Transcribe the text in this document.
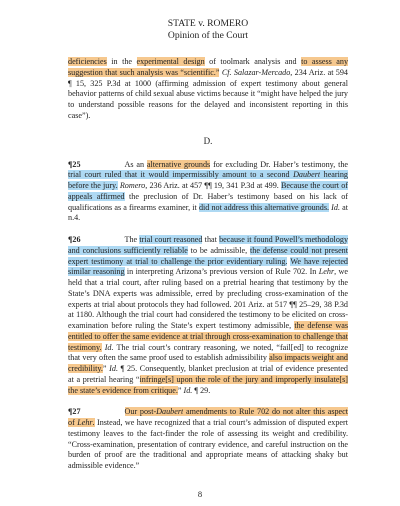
STATE v. ROMERO
Opinion of the Court

deficiencies in the experimental design of toolmark analysis and to assess any suggestion that such analysis was “scientific.” Cf. Salazar-Mercado, 234 Ariz. at 594 ¶ 15, 325 P.3d at 1000 (affirming admission of expert testimony about general behavior patterns of child sexual abuse victims because it “might have helped the jury to understand possible reasons for the delayed and inconsistent reporting in this case”).

D.

¶25	As an alternative grounds for excluding Dr. Haber’s testimony, the trial court ruled that it would impermissibly amount to a second Daubert hearing before the jury. Romero, 236 Ariz. at 457 ¶¶ 19, 341 P.3d at 499. Because the court of appeals affirmed the preclusion of Dr. Haber’s testimony based on his lack of qualifications as a firearms examiner, it did not address this alternative grounds. Id. at n.4.

¶26	The trial court reasoned that because it found Powell’s methodology and conclusions sufficiently reliable to be admissible, the defense could not present expert testimony at trial to challenge the prior evidentiary ruling. We have rejected similar reasoning in interpreting Arizona’s previous version of Rule 702. In Lehr, we held that a trial court, after ruling based on a pretrial hearing that testimony by the State’s DNA experts was admissible, erred by precluding cross-examination of the experts at trial about protocols they had followed. 201 Ariz. at 517 ¶¶ 25–29, 38 P.3d at 1180. Although the trial court had considered the testimony to be elicited on cross-examination before ruling the State’s expert testimony admissible, the defense was entitled to offer the same evidence at trial through cross-examination to challenge that testimony. Id. The trial court’s contrary reasoning, we noted, “fail[ed] to recognize that very often the same proof used to establish admissibility also impacts weight and credibility.” Id. ¶ 25. Consequently, blanket preclusion at trial of evidence presented at a pretrial hearing “infringe[s] upon the role of the jury and improperly insulate[s] the state’s evidence from critique.” Id. ¶ 29.

¶27	Our post-Daubert amendments to Rule 702 do not alter this aspect of Lehr. Instead, we have recognized that a trial court’s admission of disputed expert testimony leaves to the fact-finder the role of assessing its weight and credibility. “Cross-examination, presentation of contrary evidence, and careful instruction on the burden of proof are the traditional and appropriate means of attacking shaky but admissible evidence.”

8
